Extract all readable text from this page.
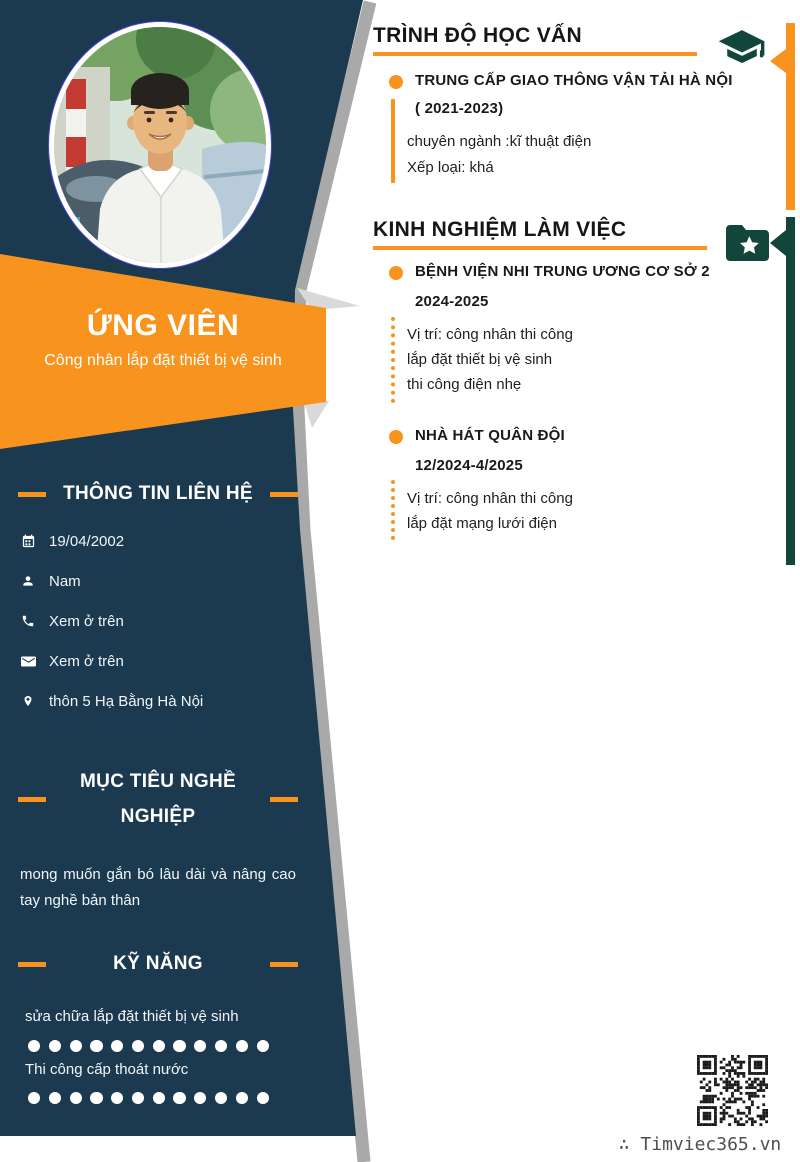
ỨNG VIÊN
Công nhân lắp đặt thiết bị vệ sinh
THÔNG TIN LIÊN HỆ
19/04/2002
Nam
Xem ở trên
Xem ở trên
thôn 5 Hạ Bằng Hà Nội
MỤC TIÊU NGHỀ NGHIỆP
mong muốn gắn bó lâu dài và nâng cao tay nghề bản thân
KỸ NĂNG
sửa chữa lắp đặt thiết bị vệ sinh
Thi công cấp thoát nước
TRÌNH ĐỘ HỌC VẤN
TRUNG CẤP GIAO THÔNG VẬN TẢI HÀ NỘI
( 2021-2023)
chuyên ngành :kĩ thuật điện
Xếp loại: khá
KINH NGHIỆM LÀM VIỆC
BỆNH VIỆN NHI TRUNG ƯƠNG CƠ SỞ 2
2024-2025
Vị trí: công nhân thi công
lắp đặt thiết bị vệ sinh
thi công điện nhẹ
NHÀ HÁT QUÂN ĐỘI
12/2024-4/2025
Vị trí: công nhân thi công
lắp đặt mạng lưới điện
∴ Timviec365.vn
